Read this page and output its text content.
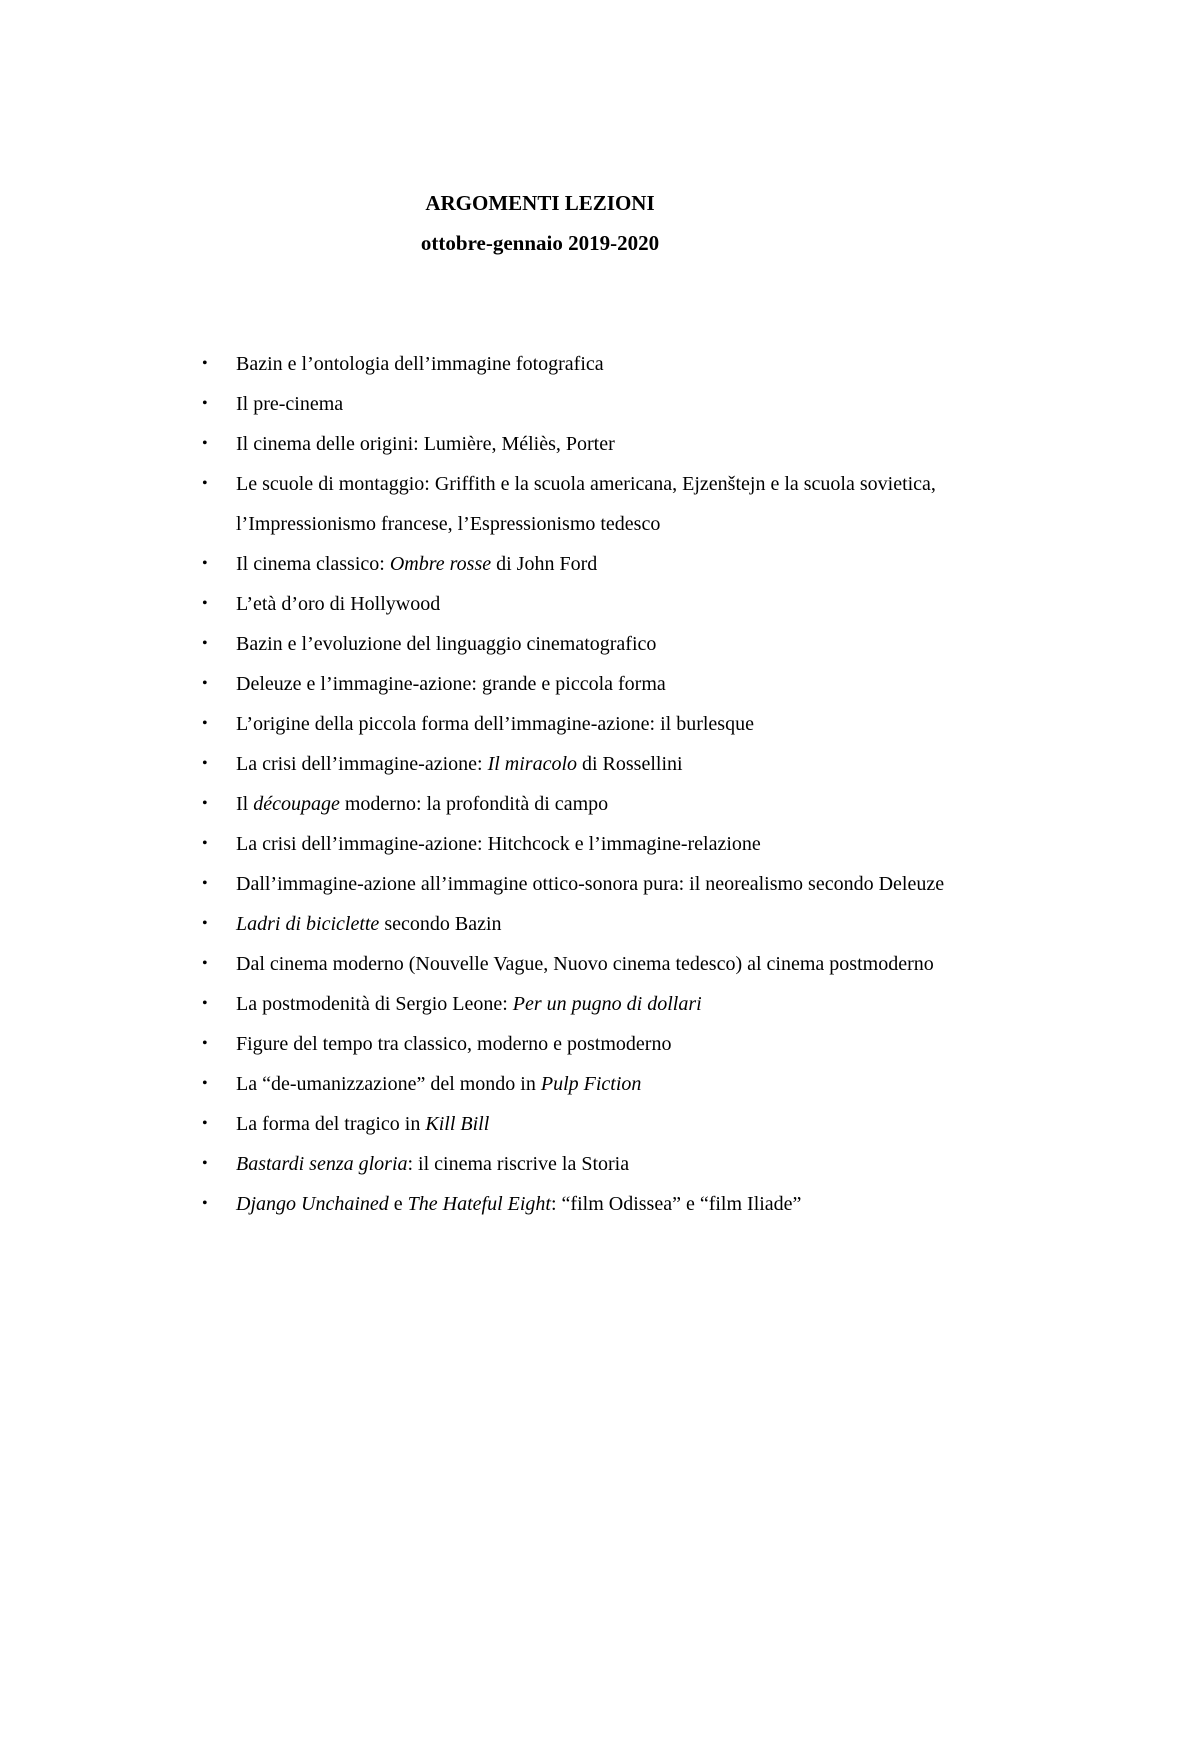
ARGOMENTI LEZIONI

ottobre-gennaio 2019-2020

• Bazin e l’ontologia dell’immagine fotografica
• Il pre-cinema
• Il cinema delle origini: Lumière, Méliès, Porter
• Le scuole di montaggio: Griffith e la scuola americana, Ejzenštejn e la scuola sovietica, l’Impressionismo francese, l’Espressionismo tedesco
• Il cinema classico: Ombre rosse di John Ford
• L’età d’oro di Hollywood
• Bazin e l’evoluzione del linguaggio cinematografico
• Deleuze e l’immagine-azione: grande e piccola forma
• L’origine della piccola forma dell’immagine-azione: il burlesque
• La crisi dell’immagine-azione: Il miracolo di Rossellini
• Il découpage moderno: la profondità di campo
• La crisi dell’immagine-azione: Hitchcock e l’immagine-relazione
• Dall’immagine-azione all’immagine ottico-sonora pura: il neorealismo secondo Deleuze
• Ladri di biciclette secondo Bazin
• Dal cinema moderno (Nouvelle Vague, Nuovo cinema tedesco) al cinema postmoderno
• La postmodenità di Sergio Leone: Per un pugno di dollari
• Figure del tempo tra classico, moderno e postmoderno
• La “de-umanizzazione” del mondo in Pulp Fiction
• La forma del tragico in Kill Bill
• Bastardi senza gloria: il cinema riscrive la Storia
• Django Unchained e The Hateful Eight: “film Odissea” e “film Iliade”
